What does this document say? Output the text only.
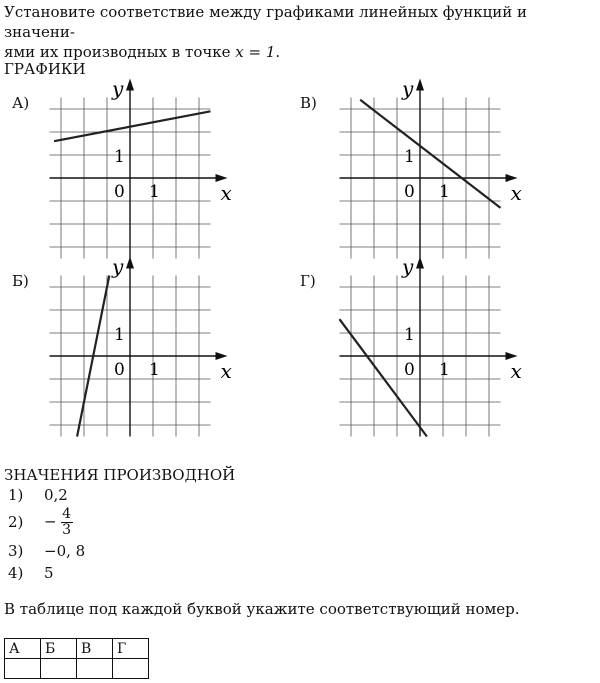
Установите соответствие между графиками линейных функций и значени-
ями их производных в точке x = 1.
ГРАФИКИ
А)
Б)
В)
Г)
x
y
0 1
1
x
y
0 1
1
x
y
0 1
1
x
y
0 1
1
ЗНАЧЕНИЯ ПРОИЗВОДНОЙ
1) 0,2
$2) - \frac{4}{3}$
3) −0, 8
4) 5
В таблице под каждой буквой укажите соответствующий номер.
А	Б	В	Г
